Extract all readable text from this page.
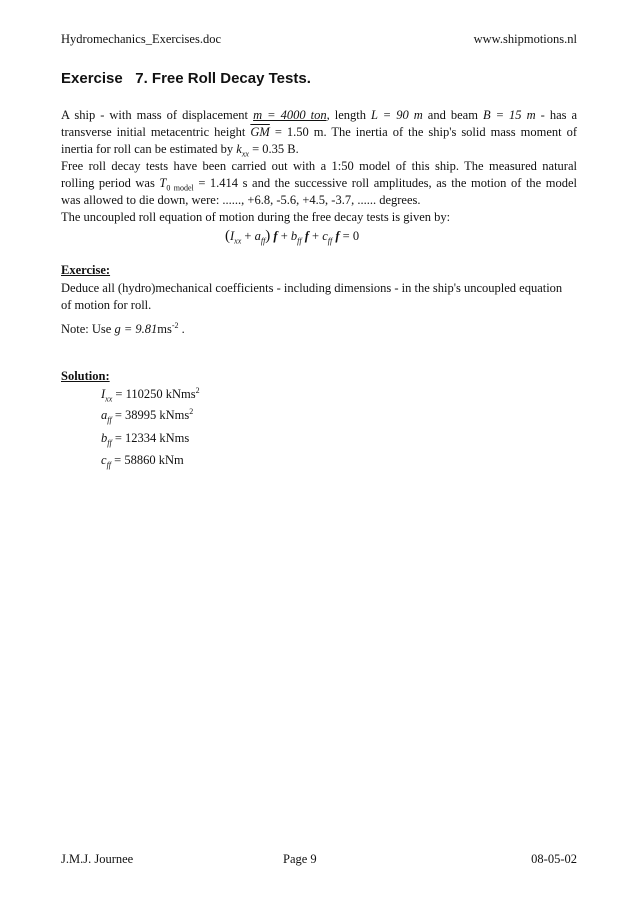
Hydromechanics_Exercises.doc	www.shipmotions.nl
Exercise   7. Free Roll Decay Tests.
A ship - with mass of displacement m = 4000 ton, length L = 90 m and beam B = 15 m - has a
transverse initial metacentric height $\overline{GM} = 1.50$ m. The inertia of the ship's solid mass moment of
inertia for roll can be estimated by $k_{xx} = 0.35$ B.
Free roll decay tests have been carried out with a 1:50 model of this ship. The measured natural
rolling period was $T_{0 model} = 1.414$ s and the successive roll amplitudes, as the motion of the model
was allowed to die down, were: ......, +6.8, -5.6, +4.5, -3.7, ...... degrees.
The uncoupled roll equation of motion during the free decay tests is given by:
$(I_{xx} + a_{ff}) f + b_{ff}$ $f + c_{ff}$ f = 0
Exercise:
Deduce all (hydro)mechanical coefficients - including dimensions - in the ship's uncoupled equation
of motion for roll.
Note: Use $g = 9.81ms^{-2}$ .
Solution:
$I_{xx} = 110250$ kNms$^2$
$a_{ff} = 38995$ kNms$^2$
$b_{ff} = 12334$ kNms
$c_{ff} = 58860$ kNm
J.M.J. Journee	Page 9	08-05-02
